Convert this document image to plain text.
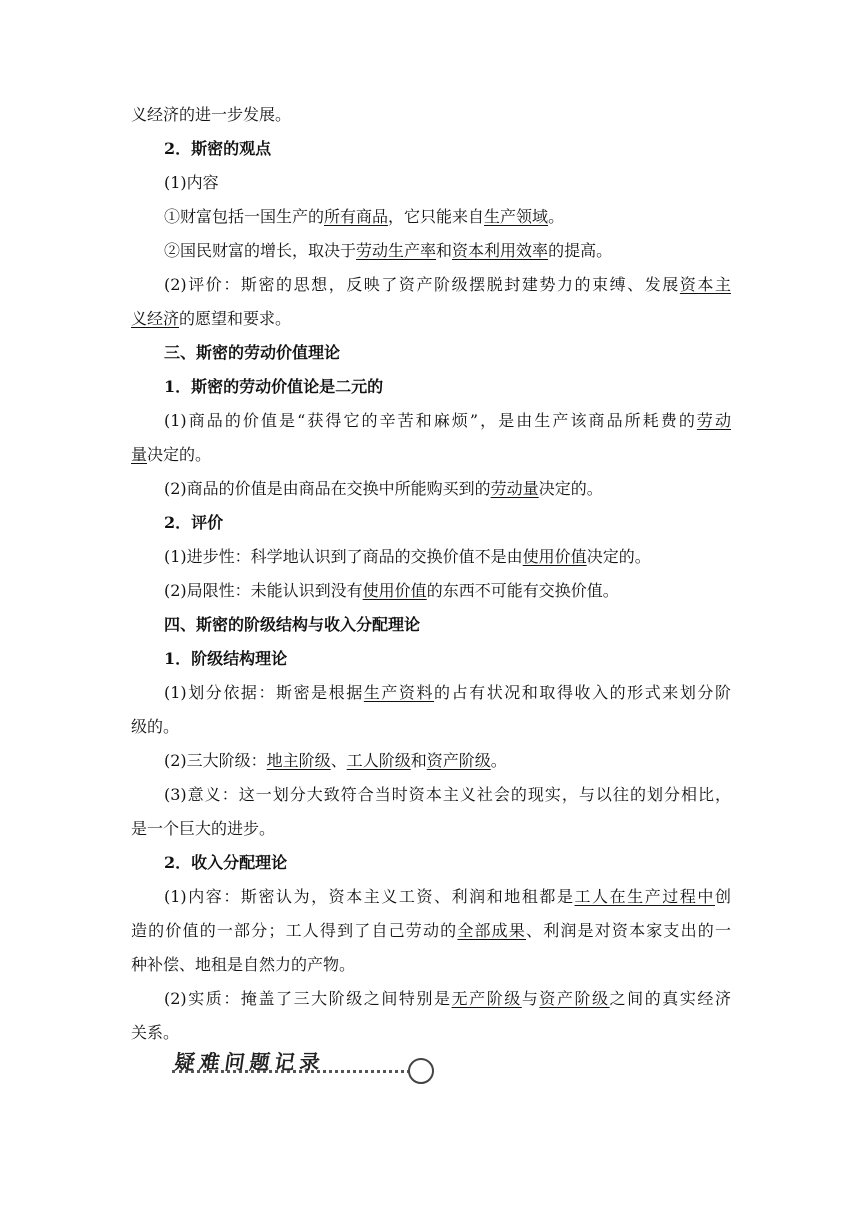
义经济的进一步发展。
2．斯密的观点
(1)内容
①财富包括一国生产的所有商品，它只能来自生产领域。
②国民财富的增长，取决于劳动生产率和资本利用效率的提高。
(2)评价：斯密的思想，反映了资产阶级摆脱封建势力的束缚、发展资本主
义经济的愿望和要求。
三、斯密的劳动价值理论
1．斯密的劳动价值论是二元的
(1)商品的价值是“获得它的辛苦和麻烦”，是由生产该商品所耗费的劳动
量决定的。
(2)商品的价值是由商品在交换中所能购买到的劳动量决定的。
2．评价
(1)进步性：科学地认识到了商品的交换价值不是由使用价值决定的。
(2)局限性：未能认识到没有使用价值的东西不可能有交换价值。
四、斯密的阶级结构与收入分配理论
1．阶级结构理论
(1)划分依据：斯密是根据生产资料的占有状况和取得收入的形式来划分阶
级的。
(2)三大阶级：地主阶级、工人阶级和资产阶级。
(3)意义：这一划分大致符合当时资本主义社会的现实，与以往的划分相比，
是一个巨大的进步。
2．收入分配理论
(1)内容：斯密认为，资本主义工资、利润和地租都是工人在生产过程中创
造的价值的一部分；工人得到了自己劳动的全部成果、利润是对资本家支出的一
种补偿、地租是自然力的产物。
(2)实质：掩盖了三大阶级之间特别是无产阶级与资产阶级之间的真实经济
关系。
疑难问题记录
